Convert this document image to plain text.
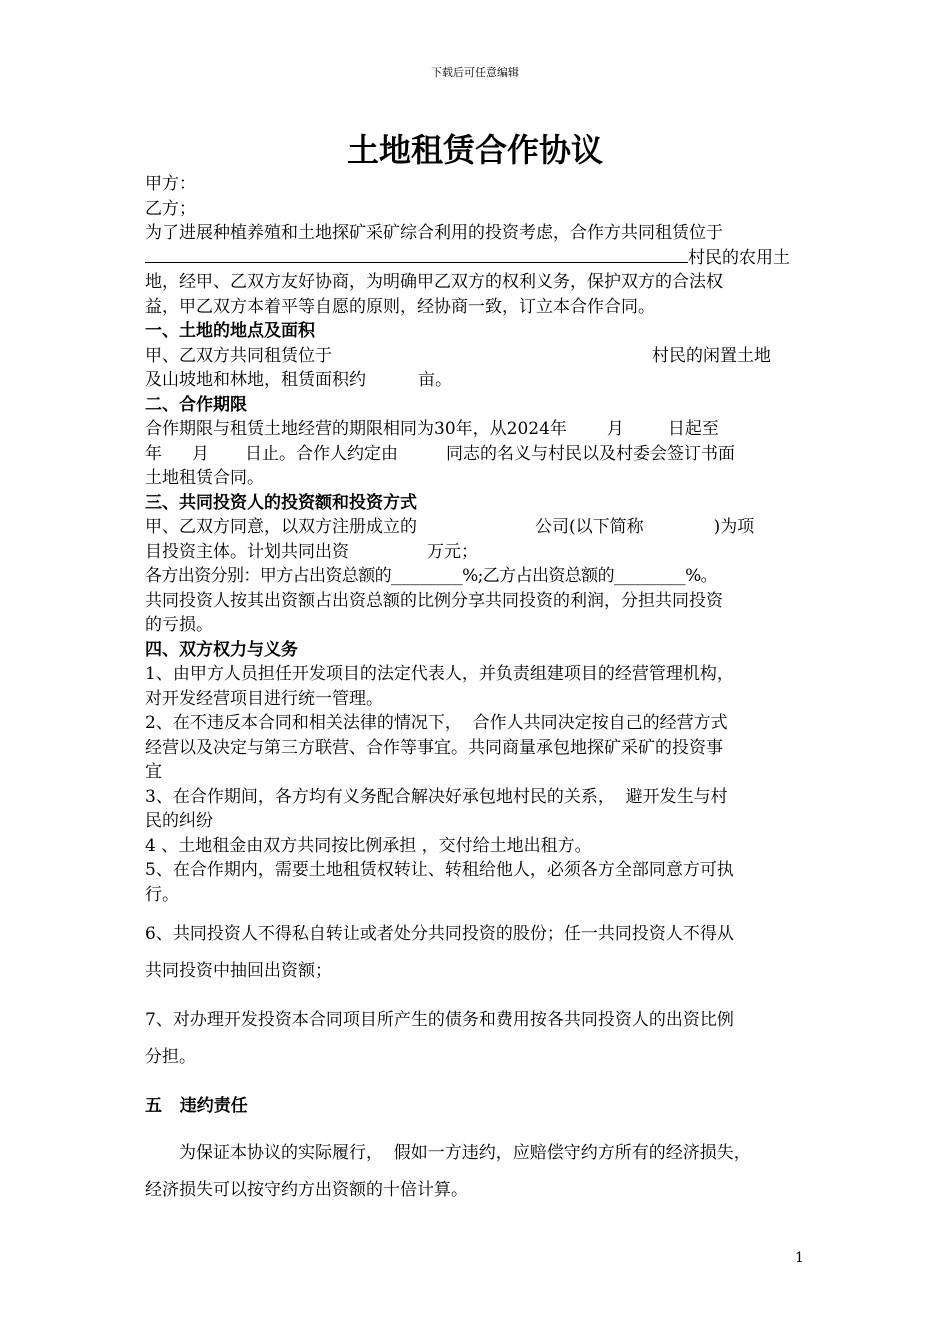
下载后可任意编辑
土地租赁合作协议
甲方：
乙方；
为了进展种植养殖和土地探矿采矿综合利用的投资考虑，合作方共同租赁位于
村民的农用土
地，经甲、乙双方友好协商，为明确甲乙双方的权利义务，保护双方的合法权
益，甲乙双方本着平等自愿的原则，经协商一致，订立本合作合同。
一、土地的地点及面积
甲、乙双方共同租赁位于	村民的闲置土地
及山坡地和林地，租赁面积约	亩。
二、合作期限
合作期限与租赁土地经营的期限相同为30年，从2024年 月	日起至
年 月 日止。合作人约定由	同志的名义与村民以及村委会签订书面
土地租赁合同。
三、共同投资人的投资额和投资方式
甲、乙双方同意，以双方注册成立的	公司(以下简称	)为项
目投资主体。计划共同出资	万元；
各方出资分别：甲方占出资总额的_________%;乙方占出资总额的_________%。
共同投资人按其出资额占出资总额的比例分享共同投资的利润，分担共同投资
的亏损。
四、双方权力与义务
1、由甲方人员担任开发项目的法定代表人，并负责组建项目的经营管理机构，
对开发经营项目进行统一管理。
2、在不违反本合同和相关法律的情况下，  合作人共同决定按自己的经营方式
经营以及决定与第三方联营、合作等事宜。共同商量承包地探矿采矿的投资事
宜
3、在合作期间，各方均有义务配合解决好承包地村民的关系，  避开发生与村
民的纠纷
4 、土地租金由双方共同按比例承担 ，交付给土地出租方。
5、在合作期内，需要土地租赁权转让、转租给他人，必须各方全部同意方可执
行。
6、共同投资人不得私自转让或者处分共同投资的股份；任一共同投资人不得从
共同投资中抽回出资额；
7、对办理开发投资本合同项目所产生的债务和费用按各共同投资人的出资比例
分担。
五   违约责任
为保证本协议的实际履行，  假如一方违约，应赔偿守约方所有的经济损失，
经济损失可以按守约方出资额的十倍计算。
1
